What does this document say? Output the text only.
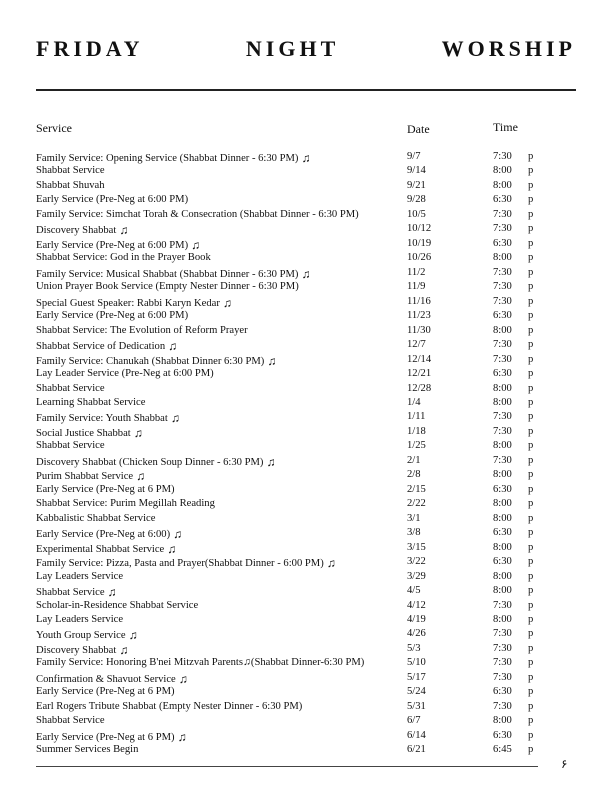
FRIDAY	NIGHT	WORSHIP
Service	Date	Time
Family Service: Opening Service (Shabbat Dinner - 6:30 PM) ♫	9/7	7:30 p
Shabbat Service	9/14	8:00 p
Shabbat Shuvah	9/21	8:00 p
Early Service (Pre-Neg at 6:00 PM)	9/28	6:30 p
Family Service: Simchat Torah & Consecration (Shabbat Dinner - 6:30 PM)	10/5	7:30 p
Discovery Shabbat ♫	10/12	7:30 p
Early Service (Pre-Neg at 6:00 PM) ♫	10/19	6:30 p
Shabbat Service: God in the Prayer Book	10/26	8:00 p
Family Service: Musical Shabbat (Shabbat Dinner - 6:30 PM) ♫	11/2	7:30 p
Union Prayer Book Service (Empty Nester Dinner - 6:30 PM)	11/9	7:30 p
Special Guest Speaker: Rabbi Karyn Kedar ♫	11/16	7:30 p
Early Service (Pre-Neg at 6:00 PM)	11/23	6:30 p
Shabbat Service: The Evolution of Reform Prayer	11/30	8:00 p
Shabbat Service of Dedication ♫	12/7	7:30 p
Family Service: Chanukah (Shabbat Dinner 6:30 PM) ♫	12/14	7:30 p
Lay Leader Service (Pre-Neg at 6:00 PM)	12/21	6:30 p
Shabbat Service	12/28	8:00 p
Learning Shabbat Service	1/4	8:00 p
Family Service: Youth Shabbat ♫	1/11	7:30 p
Social Justice Shabbat ♫	1/18	7:30 p
Shabbat Service	1/25	8:00 p
Discovery Shabbat (Chicken Soup Dinner - 6:30 PM) ♫	2/1	7:30 p
Purim Shabbat Service ♫	2/8	8:00 p
Early Service (Pre-Neg at 6 PM)	2/15	6:30 p
Shabbat Service: Purim Megillah Reading	2/22	8:00 p
Kabbalistic Shabbat Service	3/1	8:00 p
Early Service (Pre-Neg at 6:00) ♫	3/8	6:30 p
Experimental Shabbat Service ♫	3/15	8:00 p
Family Service: Pizza, Pasta and Prayer(Shabbat Dinner - 6:00 PM) ♫	3/22	6:30 p
Lay Leaders Service	3/29	8:00 p
Shabbat Service ♫	4/5	8:00 p
Scholar-in-Residence Shabbat Service	4/12	7:30 p
Lay Leaders Service	4/19	8:00 p
Youth Group Service ♫	4/26	7:30 p
Discovery Shabbat ♫	5/3	7:30 p
Family Service: Honoring B'nei Mitzvah Parents♫(Shabbat Dinner-6:30 PM)	5/10	7:30 p
Confirmation & Shavuot Service ♫	5/17	7:30 p
Early Service (Pre-Neg at 6 PM)	5/24	6:30 p
Earl Rogers Tribute Shabbat (Empty Nester Dinner - 6:30 PM)	5/31	7:30 p
Shabbat Service	6/7	8:00 p
Early Service (Pre-Neg at 6 PM) ♫	6/14	6:30 p
Summer Services Begin	6/21	6:45 p
۶
